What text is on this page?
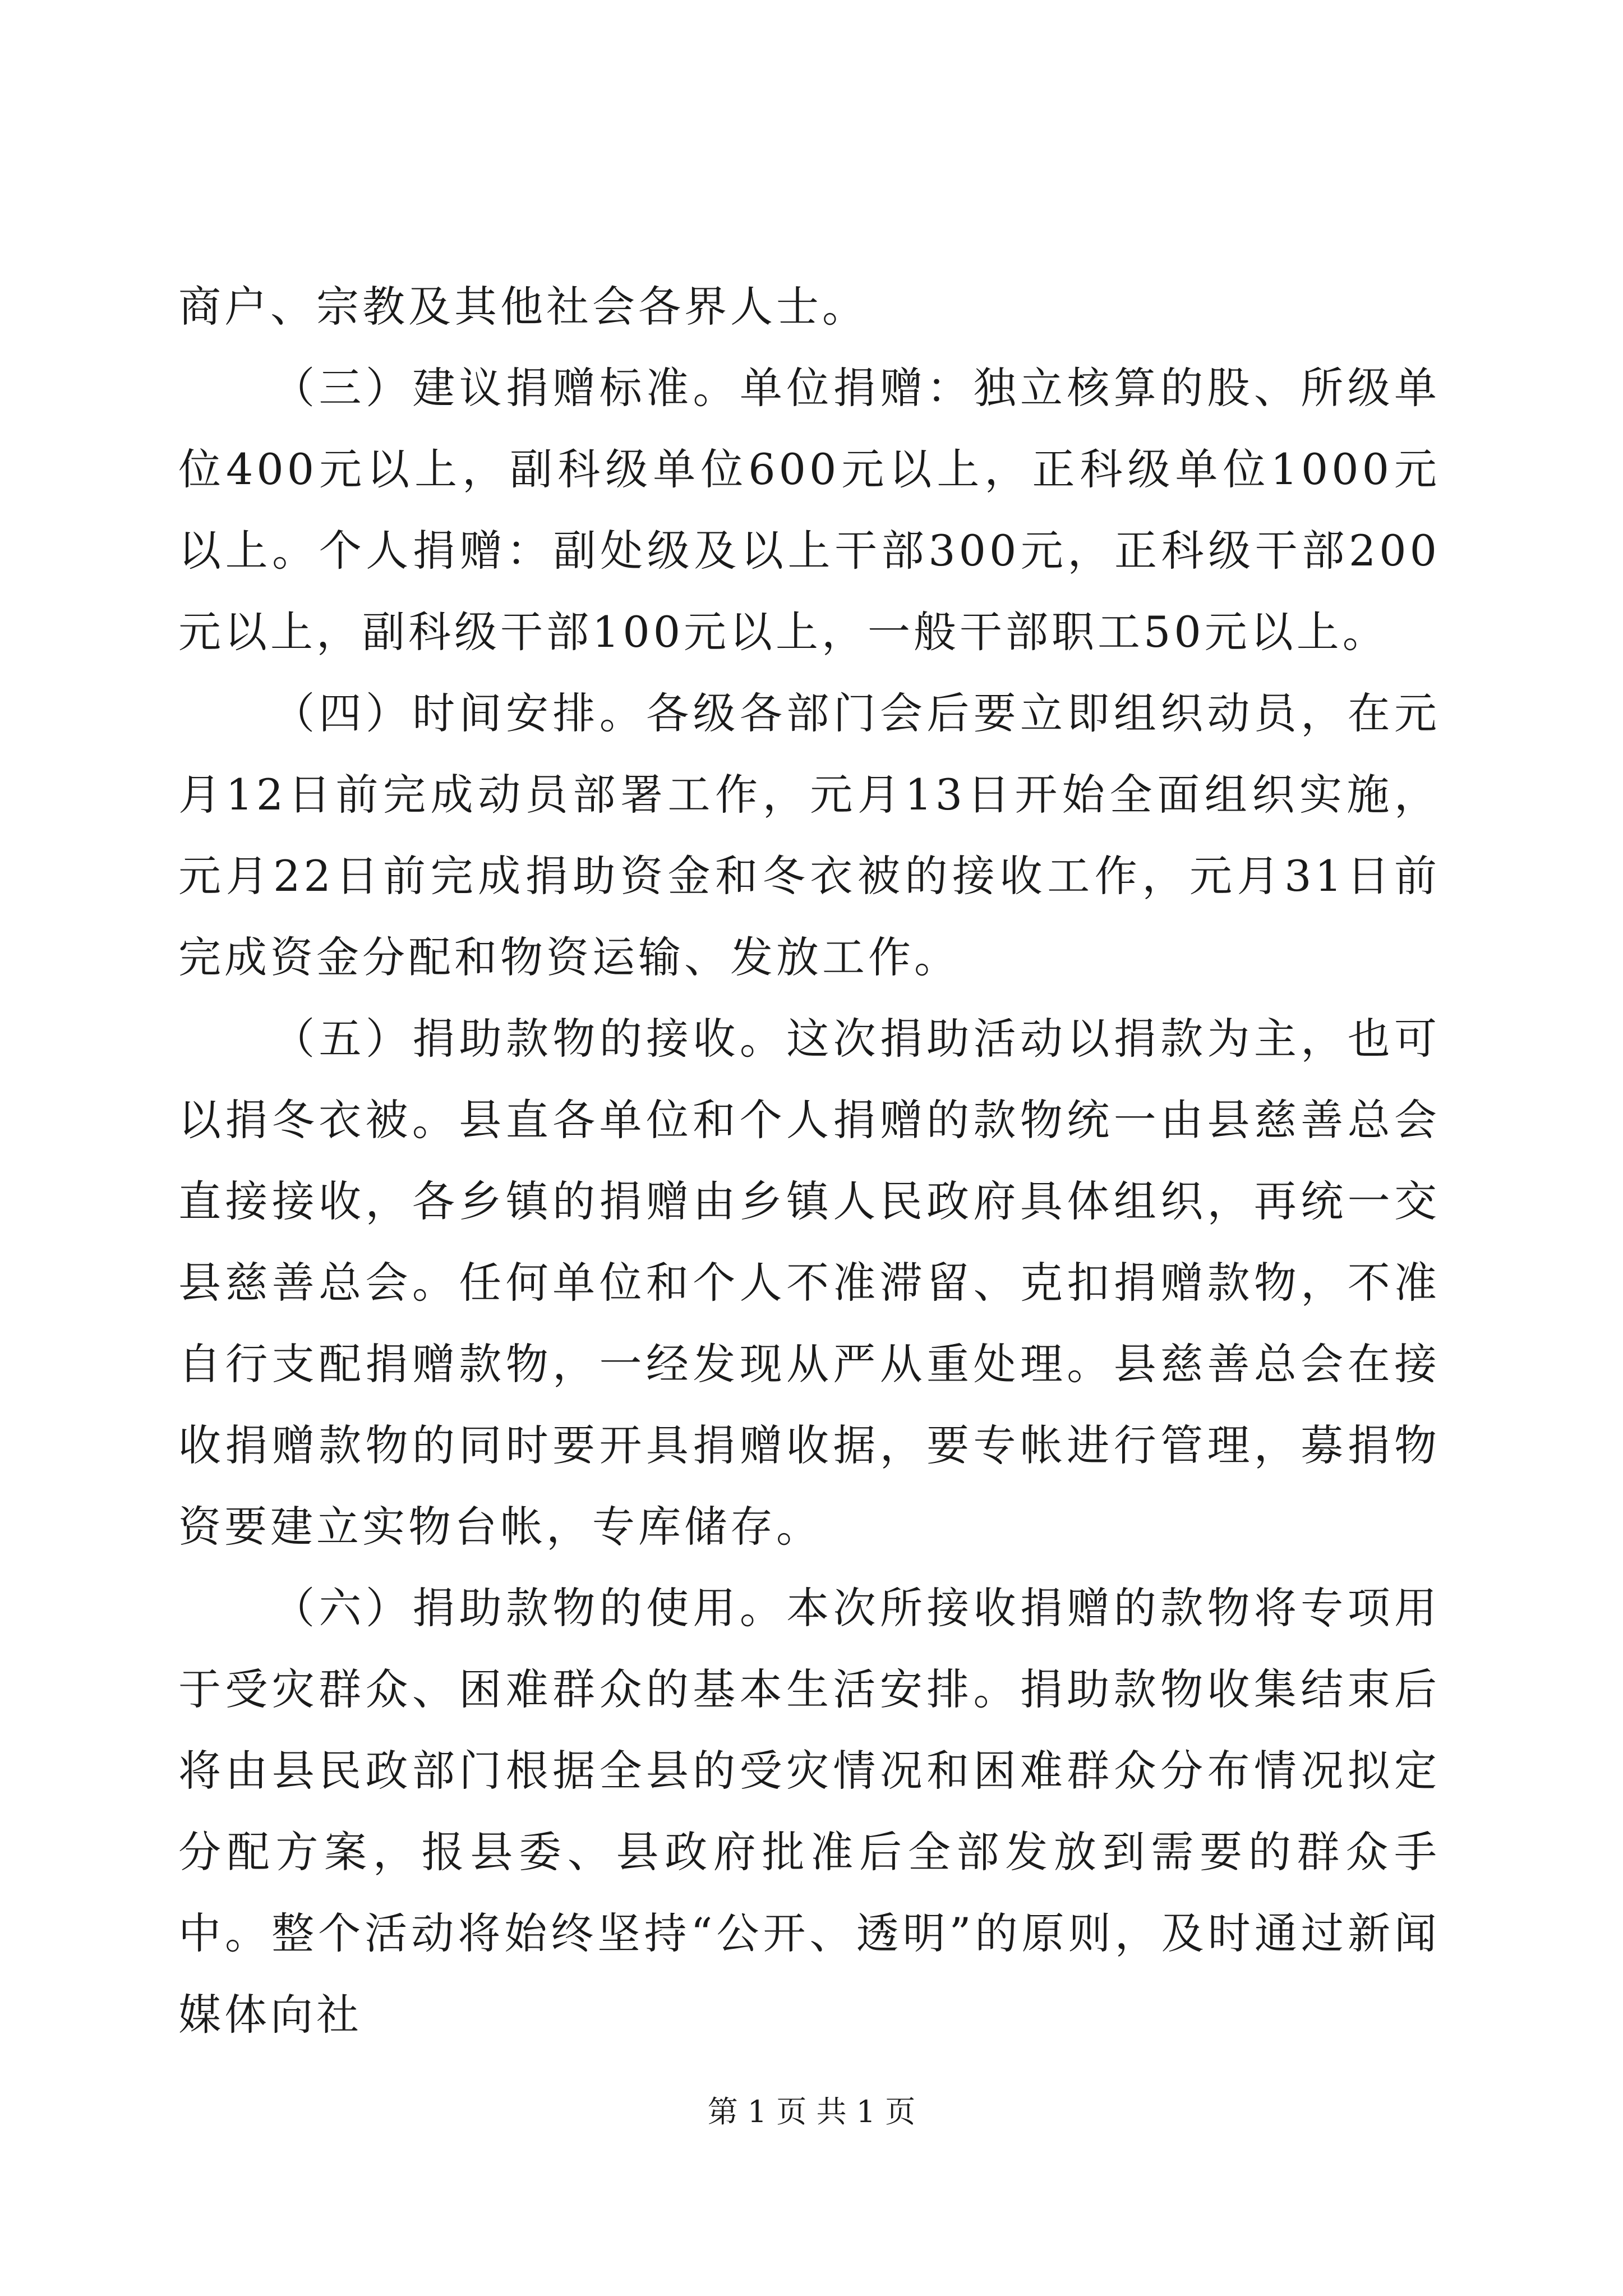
商户、宗教及其他社会各界人士。

（三）建议捐赠标准。单位捐赠：独立核算的股、所级单位400元以上，副科级单位600元以上，正科级单位1000元以上。个人捐赠：副处级及以上干部300元，正科级干部200元以上，副科级干部100元以上，一般干部职工50元以上。

（四）时间安排。各级各部门会后要立即组织动员，在元月12日前完成动员部署工作，元月13日开始全面组织实施，元月22日前完成捐助资金和冬衣被的接收工作，元月31日前完成资金分配和物资运输、发放工作。

（五）捐助款物的接收。这次捐助活动以捐款为主，也可以捐冬衣被。县直各单位和个人捐赠的款物统一由县慈善总会直接接收，各乡镇的捐赠由乡镇人民政府具体组织，再统一交县慈善总会。任何单位和个人不准滞留、克扣捐赠款物，不准自行支配捐赠款物，一经发现从严从重处理。县慈善总会在接收捐赠款物的同时要开具捐赠收据，要专帐进行管理，募捐物资要建立实物台帐，专库储存。

（六）捐助款物的使用。本次所接收捐赠的款物将专项用于受灾群众、困难群众的基本生活安排。捐助款物收集结束后将由县民政部门根据全县的受灾情况和困难群众分布情况拟定分配方案，报县委、县政府批准后全部发放到需要的群众手中。整个活动将始终坚持“公开、透明”的原则，及时通过新闻媒体向社

第 1 页 共 1 页
